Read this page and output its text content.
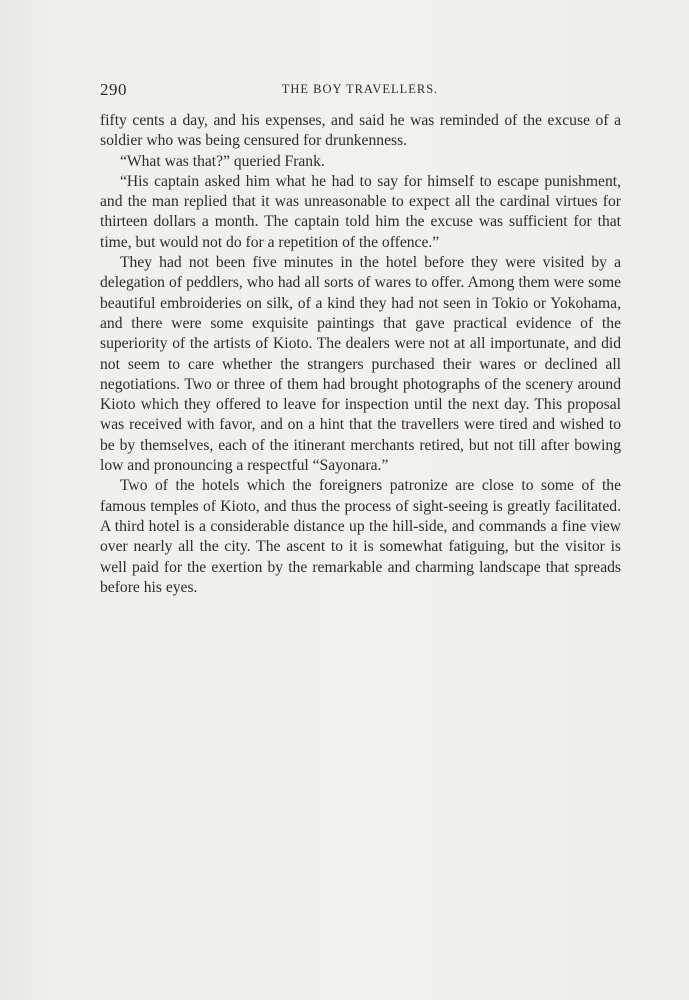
290	THE BOY TRAVELLERS.

fifty cents a day, and his expenses, and said he was reminded of the excuse of a soldier who was being censured for drunkenness.

“What was that?” queried Frank.

“His captain asked him what he had to say for himself to escape punishment, and the man replied that it was unreasonable to expect all the cardinal virtues for thirteen dollars a month. The captain told him the excuse was sufficient for that time, but would not do for a repetition of the offence.”

They had not been five minutes in the hotel before they were visited by a delegation of peddlers, who had all sorts of wares to offer. Among them were some beautiful embroideries on silk, of a kind they had not seen in Tokio or Yokohama, and there were some exquisite paintings that gave practical evidence of the superiority of the artists of Kioto. The dealers were not at all importunate, and did not seem to care whether the strangers purchased their wares or declined all negotiations. Two or three of them had brought photographs of the scenery around Kioto which they offered to leave for inspection until the next day. This proposal was received with favor, and on a hint that the travellers were tired and wished to be by themselves, each of the itinerant merchants retired, but not till after bowing low and pronouncing a respectful “Sayonara.”

Two of the hotels which the foreigners patronize are close to some of the famous temples of Kioto, and thus the process of sight-seeing is greatly facilitated. A third hotel is a considerable distance up the hill-side, and commands a fine view over nearly all the city. The ascent to it is somewhat fatiguing, but the visitor is well paid for the exertion by the remarkable and charming landscape that spreads before his eyes.
